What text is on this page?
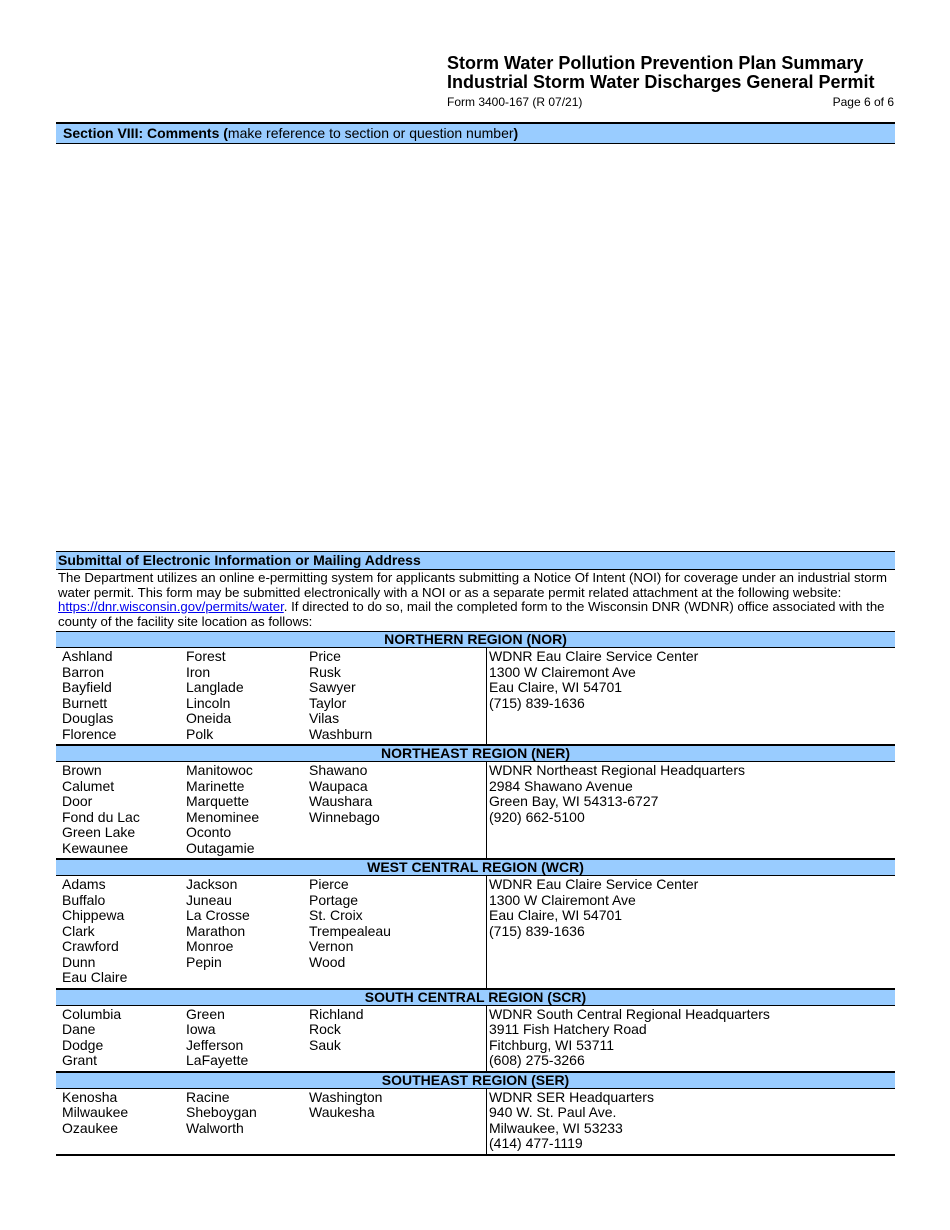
Storm Water Pollution Prevention Plan Summary
Industrial Storm Water Discharges General Permit
Form 3400-167 (R 07/21)	Page 6 of 6
Section VIII: Comments (make reference to section or question number)
Submittal of Electronic Information or Mailing Address
The Department utilizes an online e-permitting system for applicants submitting a Notice Of Intent (NOI) for coverage under an industrial storm water permit. This form may be submitted electronically with a NOI or as a separate permit related attachment at the following website: https://dnr.wisconsin.gov/permits/water. If directed to do so, mail the completed form to the Wisconsin DNR (WDNR) office associated with the county of the facility site location as follows:
NORTHERN REGION (NOR)
Ashland
Barron
Bayfield
Burnett
Douglas
Florence
Forest
Iron
Langlade
Lincoln
Oneida
Polk
Price
Rusk
Sawyer
Taylor
Vilas
Washburn
WDNR Eau Claire Service Center
1300 W Clairemont Ave
Eau Claire, WI 54701
(715) 839-1636
NORTHEAST REGION (NER)
Brown
Calumet
Door
Fond du Lac
Green Lake
Kewaunee
Manitowoc
Marinette
Marquette
Menominee
Oconto
Outagamie
Shawano
Waupaca
Waushara
Winnebago
WDNR Northeast Regional Headquarters
2984 Shawano Avenue
Green Bay, WI 54313-6727
(920) 662-5100
WEST CENTRAL REGION (WCR)
Adams
Buffalo
Chippewa
Clark
Crawford
Dunn
Eau Claire
Jackson
Juneau
La Crosse
Marathon
Monroe
Pepin
Pierce
Portage
St. Croix
Trempealeau
Vernon
Wood
WDNR Eau Claire Service Center
1300 W Clairemont Ave
Eau Claire, WI 54701
(715) 839-1636
SOUTH CENTRAL REGION (SCR)
Columbia
Dane
Dodge
Grant
Green
Iowa
Jefferson
LaFayette
Richland
Rock
Sauk
WDNR South Central Regional Headquarters
3911 Fish Hatchery Road
Fitchburg, WI 53711
(608) 275-3266
SOUTHEAST REGION (SER)
Kenosha
Milwaukee
Ozaukee
Racine
Sheboygan
Walworth
Washington
Waukesha
WDNR SER Headquarters
940 W. St. Paul Ave.
Milwaukee, WI 53233
(414) 477-1119
